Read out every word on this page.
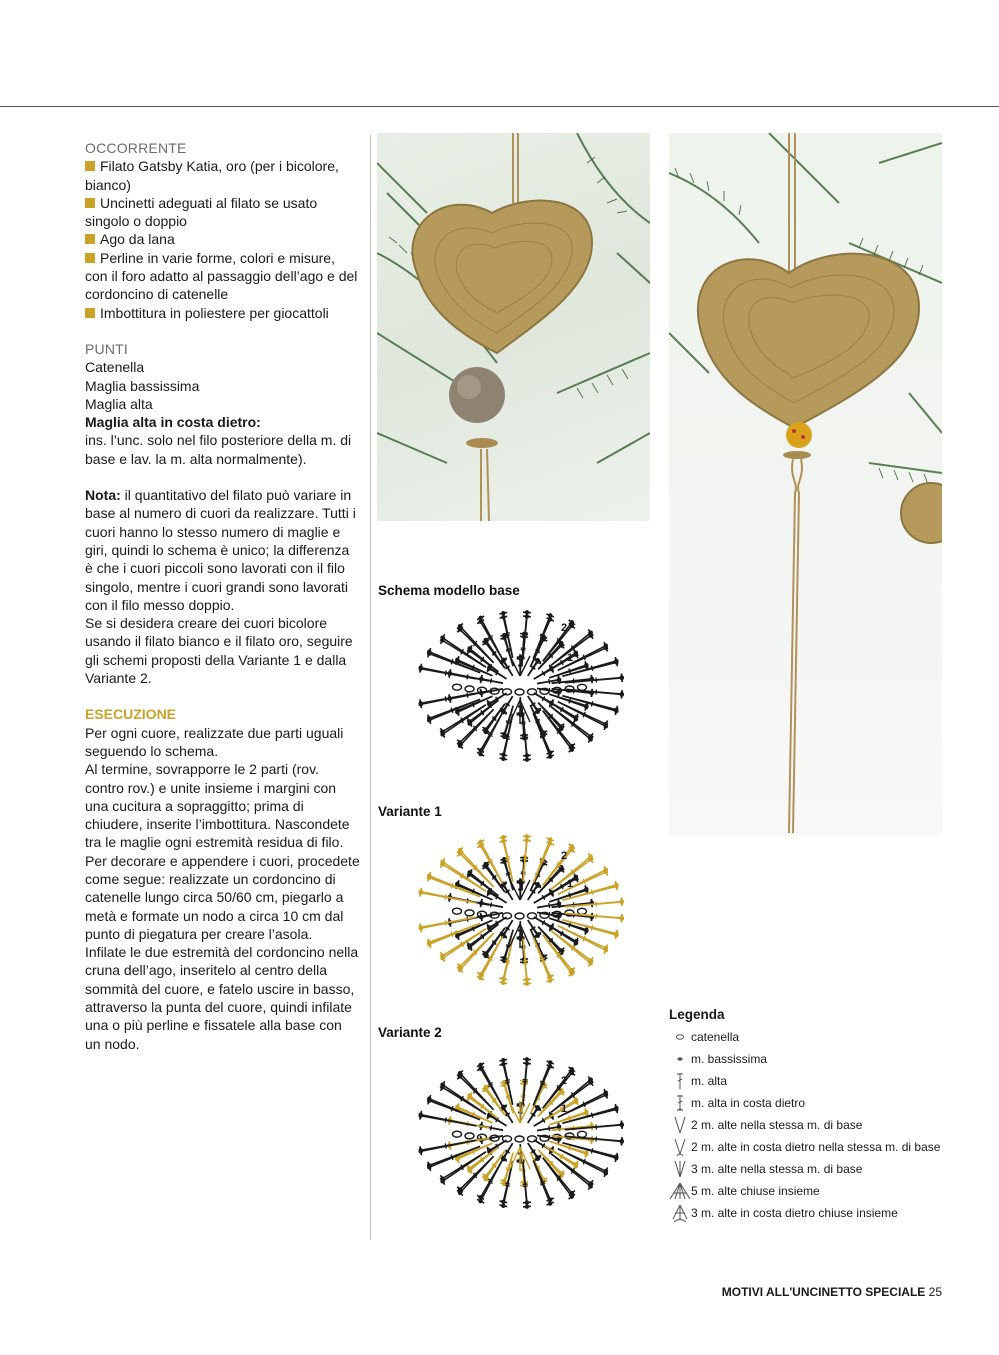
OCCORRENTE

Filato Gatsby Katia, oro (per i bicolore, bianco)

Uncinetti adeguati al filato se usato singolo o doppio

Ago da lana

Perline in varie forme, colori e misure, con il foro adatto al passaggio dell’ago e del cordoncino di catenelle

Imbottitura in poliestere per giocattoli

PUNTI

Catenella

Maglia bassissima

Maglia alta

Maglia alta in costa dietro:

ins. l’unc. solo nel filo posteriore della m. di base e lav. la m. alta normalmente).

Nota: il quantitativo del filato può variare in base al numero di cuori da realizzare. Tutti i cuori hanno lo stesso numero di maglie e giri, quindi lo schema è unico; la differenza è che i cuori piccoli sono lavorati con il filo singolo, mentre i cuori grandi sono lavorati con il filo messo doppio.

Se si desidera creare dei cuori bicolore usando il filato bianco e il filato oro, seguire gli schemi proposti della Variante 1 e dalla Variante 2.

ESECUZIONE

Per ogni cuore, realizzate due parti uguali seguendo lo schema.

Al termine, sovrapporre le 2 parti (rov. contro rov.) e unite insieme i margini con una cucitura a sopraggitto; prima di chiudere, inserite l’imbottitura. Nascondete tra le maglie ogni estremità residua di filo.

Per decorare e appendere i cuori, procedete come segue: realizzate un cordoncino di catenelle lungo circa 50/60 cm, piegarlo a metà e formate un nodo a circa 10 cm dal punto di piegatura per creare l’asola.

Infilate le due estremità del cordoncino nella cruna dell’ago, inseritelo al centro della sommità del cuore, e fatelo uscire in basso, attraverso la punta del cuore, quindi infilate una o più perline e fissatele alla base con un nodo.

Schema modello base
Variante 1
Variante 2
2
1
2
1
2
1
Legenda
catenella
m. bassissima
m. alta
m. alta in costa dietro
2 m. alte nella stessa m. di base
2 m. alte in costa dietro nella stessa m. di base
3 m. alte nella stessa m. di base
5 m. alte chiuse insieme
3 m. alte in costa dietro chiuse insieme
MOTIVI ALL'UNCINETTO SPECIALE 25
